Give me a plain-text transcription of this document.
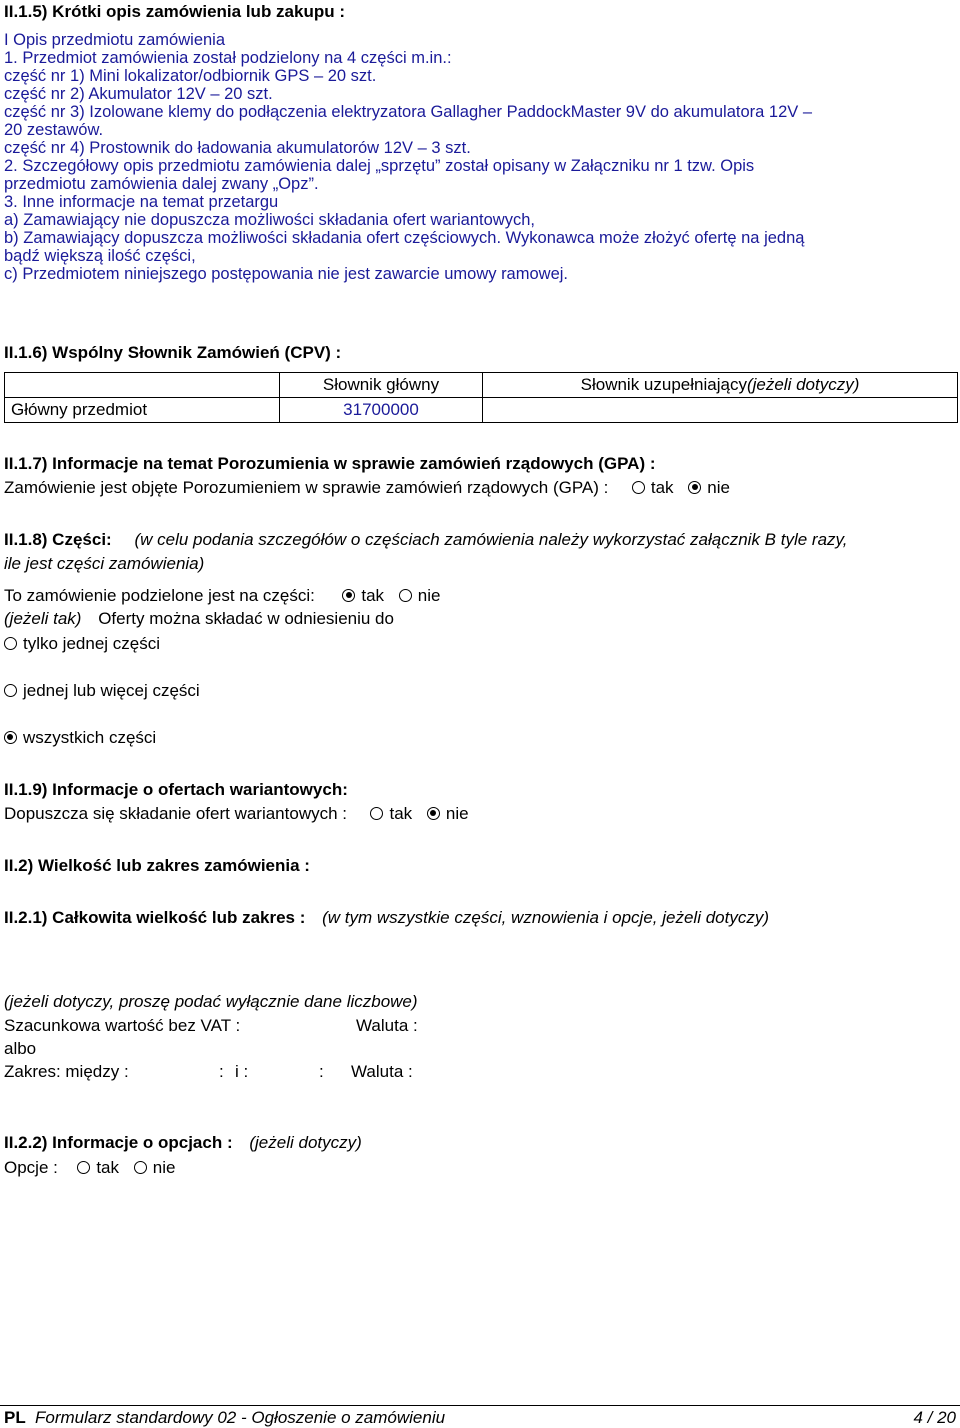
II.1.5) Krótki opis zamówienia lub zakupu :
I Opis przedmiotu zamówienia
1. Przedmiot zamówienia został podzielony na 4 części m.in.:
część nr 1) Mini lokalizator/odbiornik GPS – 20 szt.
część nr 2) Akumulator 12V – 20 szt.
część nr 3) Izolowane klemy do podłączenia elektryzatora Gallagher PaddockMaster 9V do akumulatora 12V –
20 zestawów.
część nr 4) Prostownik do ładowania akumulatorów 12V – 3 szt.
2. Szczegółowy opis przedmiotu zamówienia dalej „sprzętu” został opisany w Załączniku nr 1 tzw. Opis
przedmiotu zamówienia dalej zwany „Opz”.
3. Inne informacje na temat przetargu
a) Zamawiający nie dopuszcza możliwości składania ofert wariantowych,
b) Zamawiający dopuszcza możliwości składania ofert częściowych. Wykonawca może złożyć ofertę na jedną
bądź większą ilość części,
c) Przedmiotem niniejszego postępowania nie jest zawarcie umowy ramowej.
II.1.6) Wspólny Słownik Zamówień (CPV) :
	Słownik główny	Słownik uzupełniający(jeżeli dotyczy)
Główny przedmiot	31700000	
II.1.7) Informacje na temat Porozumienia w sprawie zamówień rządowych (GPA) :
Zamówienie jest objęte Porozumieniem w sprawie zamówień rządowych (GPA) : tak nie
II.1.8) Części: (w celu podania szczegółów o częściach zamówienia należy wykorzystać załącznik B tyle razy,
ile jest części zamówienia)
To zamówienie podzielone jest na części:	tak nie
(jeżeli tak) Oferty można składać w odniesieniu do
tylko jednej części
jednej lub więcej części
wszystkich części
II.1.9) Informacje o ofertach wariantowych:
Dopuszcza się składanie ofert wariantowych : tak nie
II.2) Wielkość lub zakres zamówienia :
II.2.1) Całkowita wielkość lub zakres : (w tym wszystkie części, wznowienia i opcje, jeżeli dotyczy)
(jeżeli dotyczy, proszę podać wyłącznie dane liczbowe)
Szacunkowa wartość bez VAT :	Waluta :
albo
Zakres: między :	: i :	: Waluta :
II.2.2) Informacje o opcjach : (jeżeli dotyczy)
Opcje : tak nie
PL Formularz standardowy 02 - Ogłoszenie o zamówieniu	4 / 20
